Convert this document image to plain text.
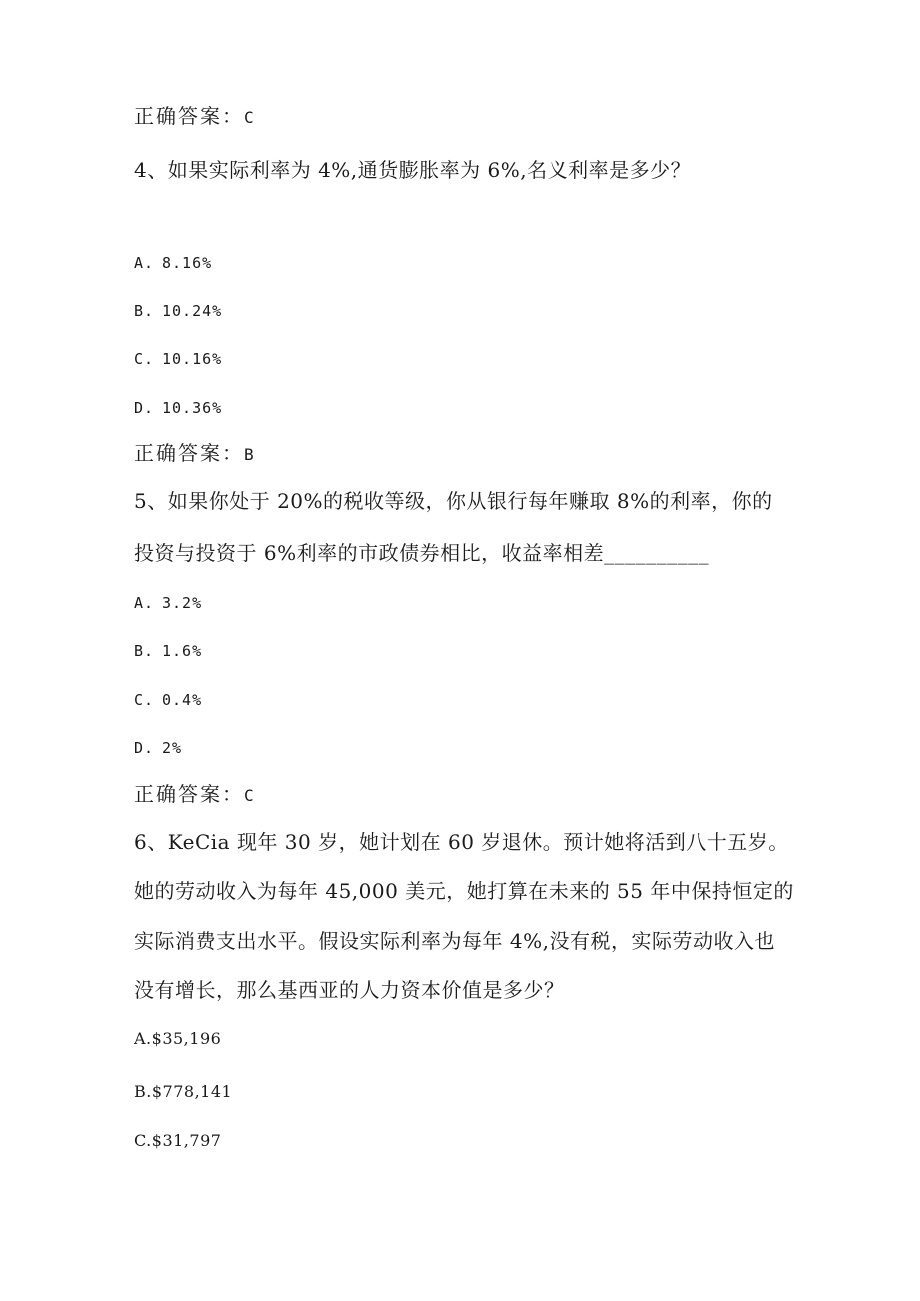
正确答案：C
4、如果实际利率为 4%,通货膨胀率为 6%,名义利率是多少？
A. 8.16%
B. 10.24%
C. 10.16%
D. 10.36%
正确答案：B
5、如果你处于 20%的税收等级，你从银行每年赚取 8%的利率，你的
投资与投资于 6%利率的市政债券相比，收益率相差__________
A. 3.2%
B. 1.6%
C. 0.4%
D. 2%
正确答案：C
6、KeCia 现年 30 岁，她计划在 60 岁退休。预计她将活到八十五岁。
她的劳动收入为每年 45,000 美元，她打算在未来的 55 年中保持恒定的
实际消费支出水平。假设实际利率为每年 4%,没有税，实际劳动收入也
没有增长，那么基西亚的人力资本价值是多少？
A.$35,196
B.$778,141
C.$31,797
